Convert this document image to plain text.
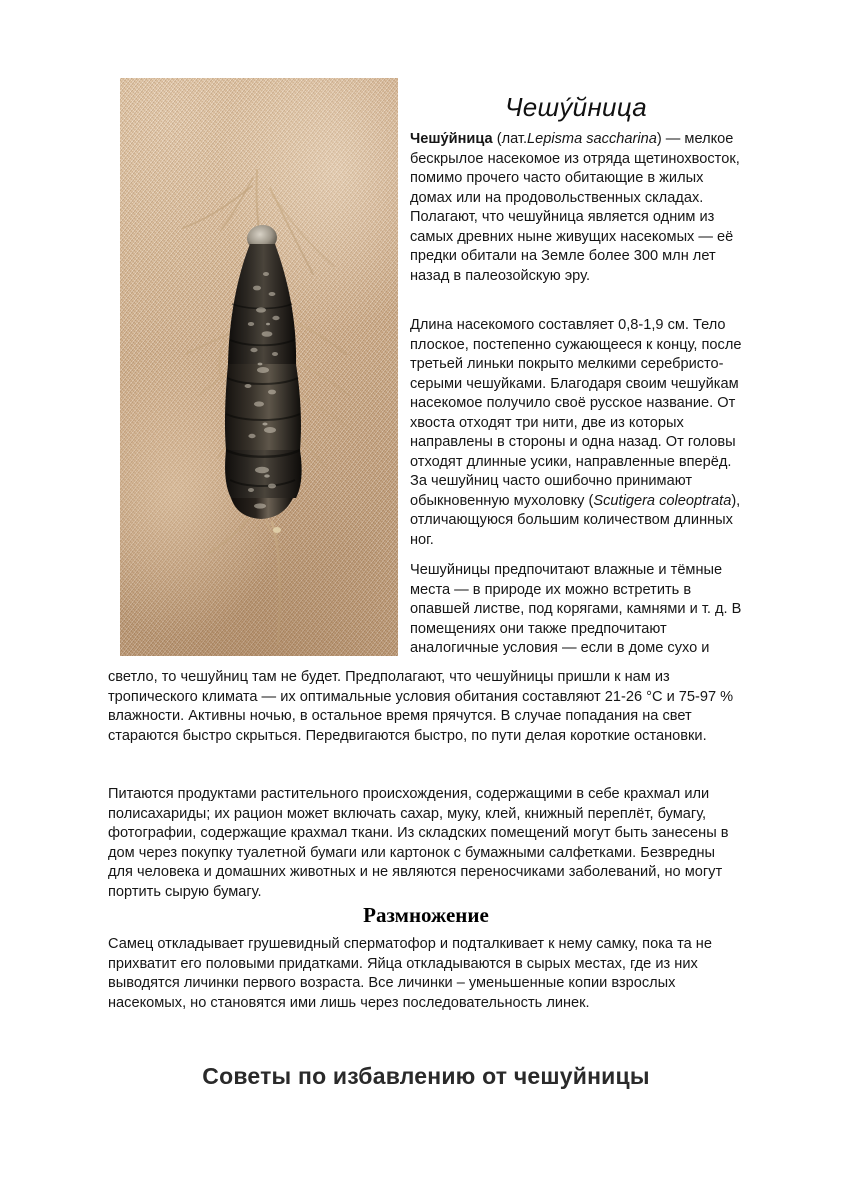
Чешу́йница
Чешу́йница (лат.Lepisma saccharina) — мелкое бескрылое насекомое из отряда щетинохвосток, помимо прочего часто обитающие в жилых домах или на продовольственных складах. Полагают, что чешуйница является одним из самых древних ныне живущих насекомых — её предки обитали на Земле более 300 млн лет назад в палеозойскую эру.
Длина насекомого составляет 0,8-1,9 см. Тело плоское, постепенно сужающееся к концу, после третьей линьки покрыто мелкими серебристо-серыми чешуйками. Благодаря своим чешуйкам насекомое получило своё русское название. От хвоста отходят три нити, две из которых направлены в стороны и одна назад. От головы отходят длинные усики, направленные вперёд. За чешуйниц часто ошибочно принимают обыкновенную мухоловку (Scutigera coleoptrata), отличающуюся большим количеством длинных ног.
Чешуйницы предпочитают влажные и тёмные места — в природе их можно встретить в опавшей листве, под корягами, камнями и т. д. В помещениях они также предпочитают аналогичные условия — если в доме сухо и
светло, то чешуйниц там не будет. Предполагают, что чешуйницы пришли к нам из тропического климата — их оптимальные условия обитания составляют 21-26 °С и 75-97 % влажности. Активны ночью, в остальное время прячутся. В случае попадания на свет стараются быстро скрыться. Передвигаются быстро, по пути делая короткие остановки.
Питаются продуктами растительного происхождения, содержащими в себе крахмал или полисахариды; их рацион может включать сахар, муку, клей, книжный переплёт, бумагу, фотографии, содержащие крахмал ткани. Из складских помещений могут быть занесены в дом через покупку туалетной бумаги или картонок с бумажными салфетками. Безвредны для человека и домашних животных и не являются переносчиками заболеваний, но могут портить сырую бумагу.
Размножение
Самец откладывает грушевидный сперматофор и подталкивает к нему самку, пока та не прихватит его половыми придатками. Яйца откладываются в сырых местах, где из них выводятся личинки первого возраста. Все личинки – уменьшенные копии взрослых насекомых, но становятся ими лишь через последовательность линек.
Советы по избавлению от чешуйницы
